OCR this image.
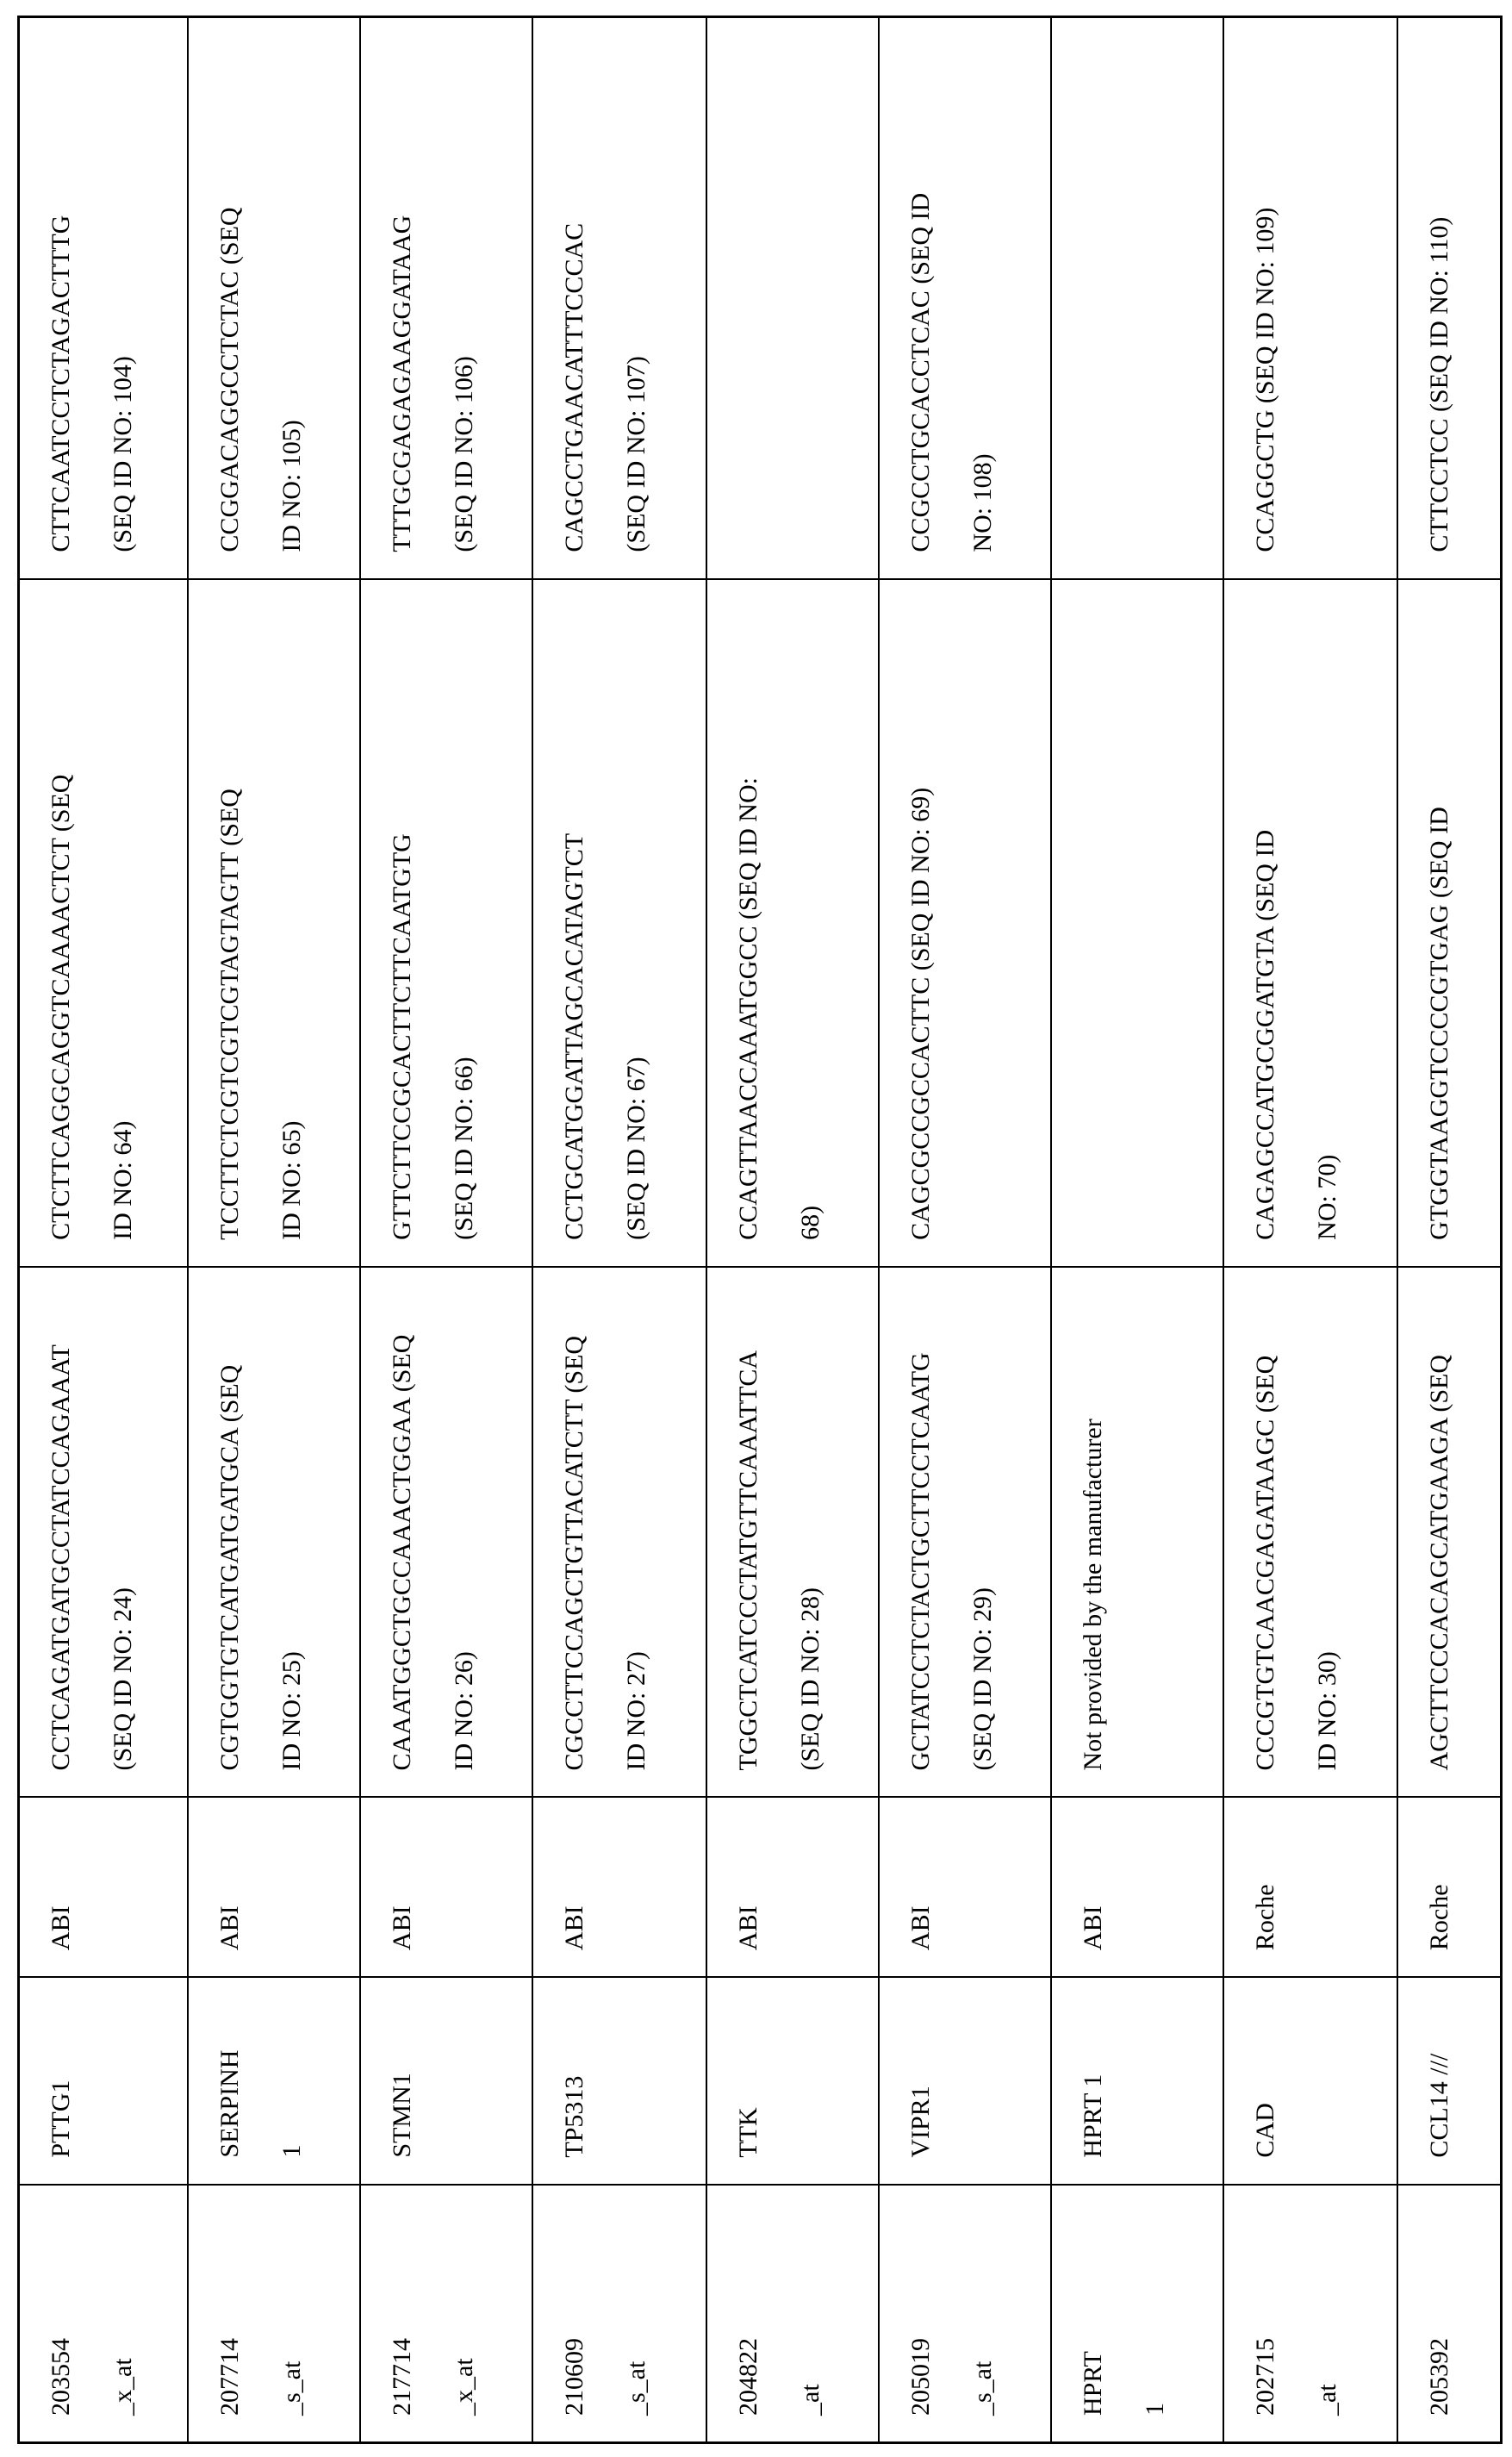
203554	_x_at
PTTG1
ABI
CCTCAGATGATGCCTATCCAGAAAT	(SEQ ID NO: 24)
CTCTTCAGGCAGGTCAAAACTCT (SEQ	ID NO: 64)
CTTCAATCCTCTAGACTTTG	(SEQ ID NO: 104)
207714	_s_at
SERPINH	1
ABI
CGTGGTGTCATGATGATGCA (SEQ	ID NO: 25)
TCCTTCTCGTCGTCGTAGTAGTT (SEQ	ID NO: 65)
CCGGACAGGCCTCTAC (SEQ	ID NO: 105)
217714	_x_at
STMN1
ABI
CAAATGGCTGCCAAACTGGAA (SEQ	ID NO: 26)
GTTCTTCCGCACTTCTTCAATGTG	(SEQ ID NO: 66)
TTTGCGAGAGAAGGATAAG	(SEQ ID NO: 106)
210609	_s_at
TP5313
ABI
CGCCTTCCAGCTGTTACATCTT (SEQ	ID NO: 27)
CCTGCATGGATTAGCACATAGTCT	(SEQ ID NO: 67)
CAGCCTGAACATTTCCCAC	(SEQ ID NO: 107)
204822	_at
TTK
ABI
TGGCTCATCCCTATGTTCAAATTCA	(SEQ ID NO: 28)
CCAGTTAACCAAATGGCC (SEQ ID NO:	68)
205019	_s_at
VIPR1
ABI
GCTATCCTCTACTGCTTCCTCAATG	(SEQ ID NO: 29)
CAGCGCCGCCACTTC (SEQ ID NO: 69)
CCGCCTGCACCTCAC (SEQ ID	NO: 108)
HPRT	1
HPRT 1
ABI
Not provided by the manufacturer
202715	_at
CAD
Roche
CCCGTGTCAACGAGATAAGC (SEQ	ID NO: 30)
CAGAGCCATGCGGATGTA (SEQ ID	NO: 70)
CCAGGCTG (SEQ ID NO: 109)
205392
CCL14 ///
Roche
AGCTTCCCACAGCATGAAGA (SEQ
GTGGTAAGGTCCCCGTGAG (SEQ ID
CTTCCTCC (SEQ ID NO: 110)
